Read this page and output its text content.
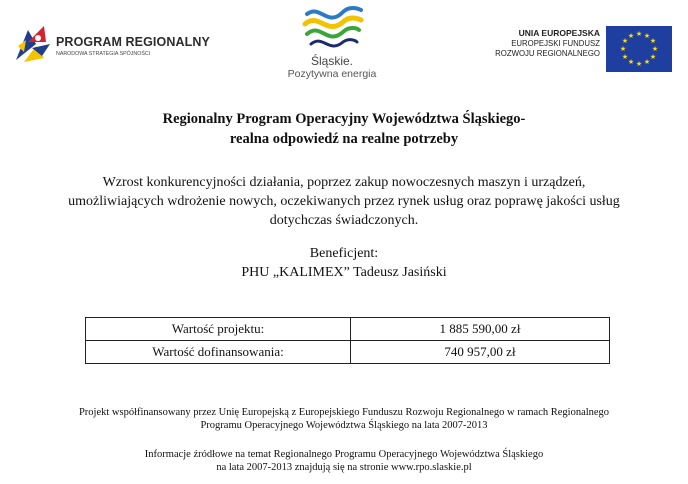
PROGRAM REGIONALNY
NARODOWA STRATEGIA SPÓJNOŚCI	Śląskie.
Pozytywna energia
UNIA EUROPEJSKA
EUROPEJSKI FUNDUSZ
ROZWOJU REGIONALNEGO
★ ★
★
★
★
★
★
★
★
★
★
★
Regionalny Program Operacyjny Województwa Śląskiego-
realna odpowiedź na realne potrzeby
Wzrost konkurencyjności działania, poprzez zakup nowoczesnych maszyn i urządzeń,
umożliwiających wdrożenie nowych, oczekiwanych przez rynek usług oraz poprawę jakości usług
dotychczas świadczonych.
Beneficjent:
PHU „KALIMEX” Tadeusz Jasiński
Wartość projektu:	1 885 590,00 zł
Wartość dofinansowania:	740 957,00 zł
Projekt współfinansowany przez Unię Europejską z Europejskiego Funduszu Rozwoju Regionalnego w ramach Regionalnego
Programu Operacyjnego Województwa Śląskiego na lata 2007-2013
Informacje źródłowe na temat Regionalnego Programu Operacyjnego Województwa Śląskiego
na lata 2007-2013 znajdują się na stronie www.rpo.slaskie.pl
